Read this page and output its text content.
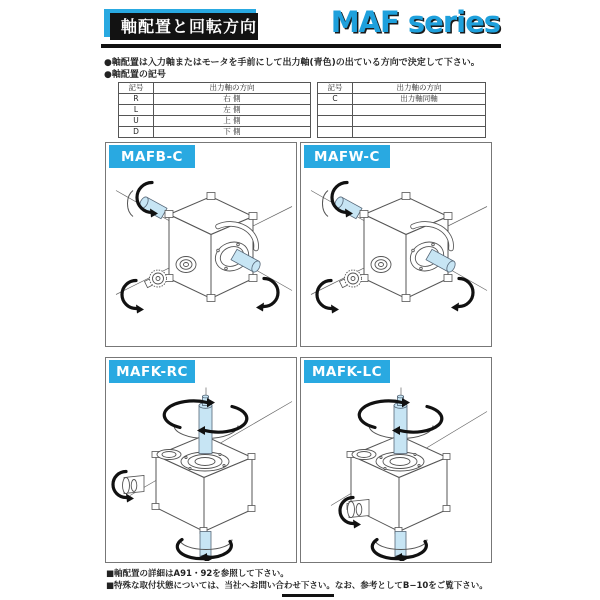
軸配置と回転方向	MAF series
●軸配置は入力軸またはモータを手前にして出力軸(青色)の出ている方向で決定して下さい。
●軸配置の記号
記号	出力軸の方向
R	右 側
L	左 側
U	上 側
D	下 側
記号	出力軸の方向
C	出力軸同軸

MAFB-C	MAFW-C
MAFK-RC	MAFK-LC
■軸配置の詳細はA91・92を参照して下さい。
■特殊な取付状態については、当社へお問い合わせ下さい。なお、参考としてB−10をご覧下さい。
